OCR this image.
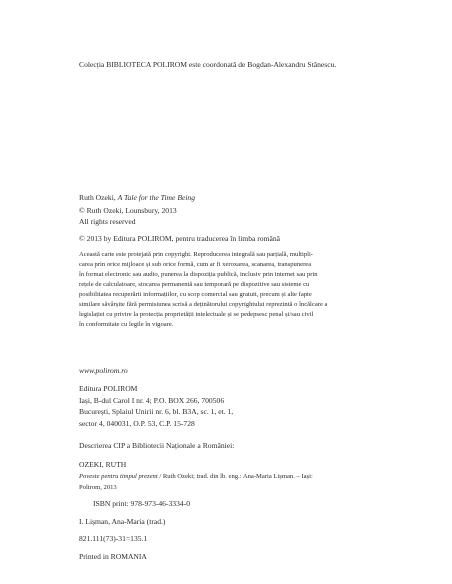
Colecția BIBLIOTECA POLIROM este coordonată de Bogdan-Alexandru Stănescu.
Ruth Ozeki, A Tale for the Time Being
© Ruth Ozeki, Lounsbury, 2013
All rights reserved
© 2013 by Editura POLIROM, pentru traducerea în limba română
Această carte este protejată prin copyright. Reproducerea integrală sau parțială, multipli-
carea prin orice mijloace și sub orice formă, cum ar fi xeroxarea, scanarea, transpunerea
în format electronic sau audio, punerea la dispoziția publică, inclusiv prin internet sau prin
rețele de calculatoare, stocarea permanentă sau temporară pe dispozitive sau sisteme cu
posibilitatea recuperării informațiilor, cu scop comercial sau gratuit, precum și alte fapte
similare săvârșite fără permisiunea scrisă a deținătorului copyrightului reprezintă o încălcare a
legislației cu privire la protecția proprietății intelectuale și se pedepsesc penal și/sau civil
în conformitate cu legile în vigoare.
www.polirom.ro
Editura POLIROM
Iași, B-dul Carol I nr. 4; P.O. BOX 266, 700506
București, Splaiul Unirii nr. 6, bl. B3A, sc. 1, et. 1,
sector 4, 040031, O.P. 53, C.P. 15-728
Descrierea CIP a Bibliotecii Naționale a României:
OZEKI, RUTH
Poveste pentru timpul prezent / Ruth Ozeki; trad. din lb. eng.: Ana-Maria Lișman. – Iași:
Polirom, 2013
ISBN print: 978-973-46-3334-0
I. Lișman, Ana-Maria (trad.)
821.111(73)-31=135.1
Printed in ROMANIA
